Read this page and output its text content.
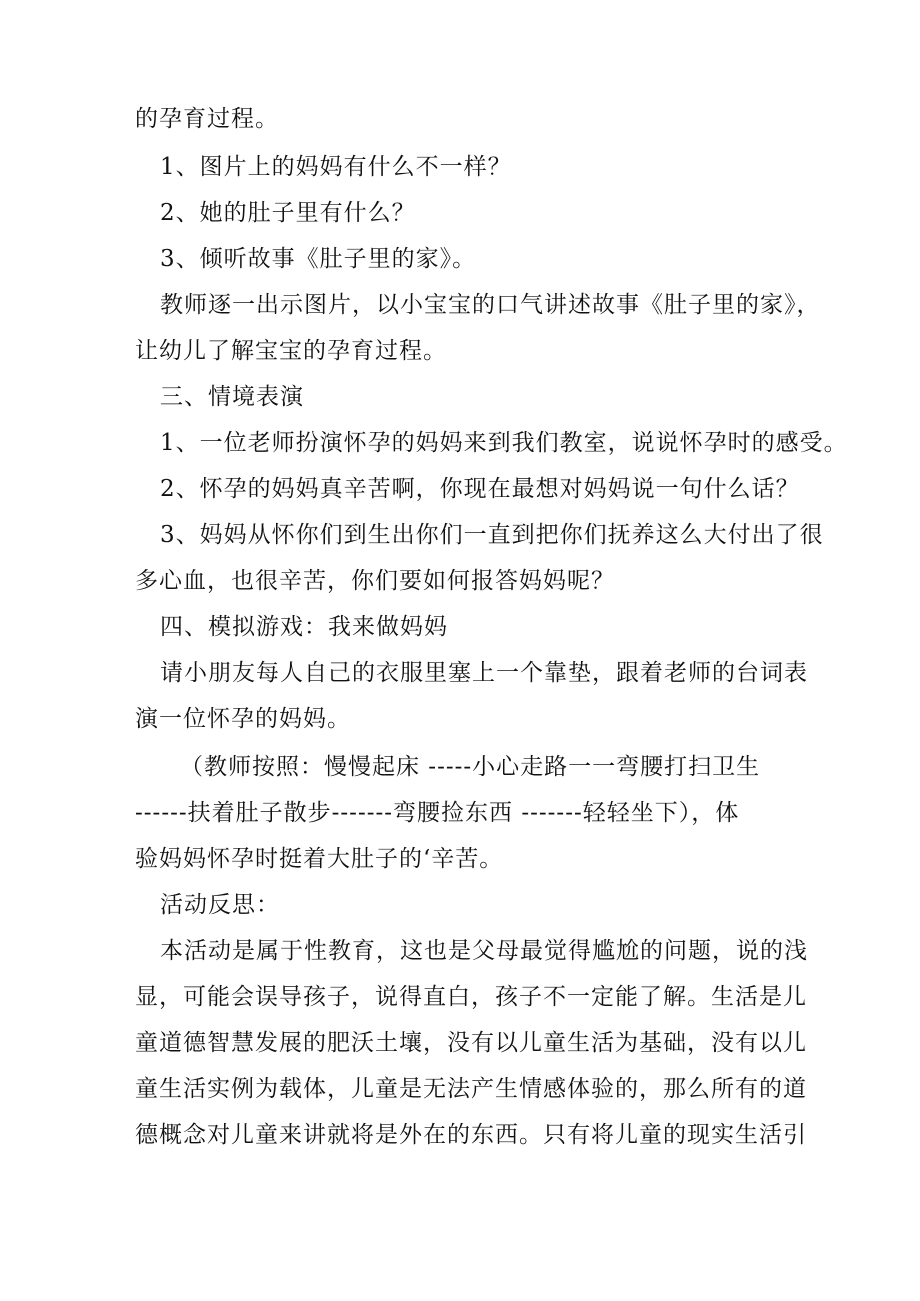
的孕育过程。
1、图片上的妈妈有什么不一样？
2、她的肚子里有什么？
3、倾听故事《肚子里的家》。
教师逐一出示图片，以小宝宝的口气讲述故事《肚子里的家》，
让幼儿了解宝宝的孕育过程。
三、情境表演
1、一位老师扮演怀孕的妈妈来到我们教室，说说怀孕时的感受。
2、怀孕的妈妈真辛苦啊，你现在最想对妈妈说一句什么话？
3、妈妈从怀你们到生出你们一直到把你们抚养这么大付出了很
多心血，也很辛苦，你们要如何报答妈妈呢？
四、模拟游戏：我来做妈妈
请小朋友每人自己的衣服里塞上一个靠垫，跟着老师的台词表
演一位怀孕的妈妈。
（教师按照：慢慢起床 -----小心走路一一弯腰打扫卫生
------扶着肚子散步-------弯腰捡东西 -------轻轻坐下），体
验妈妈怀孕时挺着大肚子的‘辛苦。
活动反思：
本活动是属于性教育，这也是父母最觉得尴尬的问题，说的浅
显，可能会误导孩子，说得直白，孩子不一定能了解。生活是儿
童道德智慧发展的肥沃土壤，没有以儿童生活为基础，没有以儿
童生活实例为载体，儿童是无法产生情感体验的，那么所有的道
德概念对儿童来讲就将是外在的东西。只有将儿童的现实生活引
